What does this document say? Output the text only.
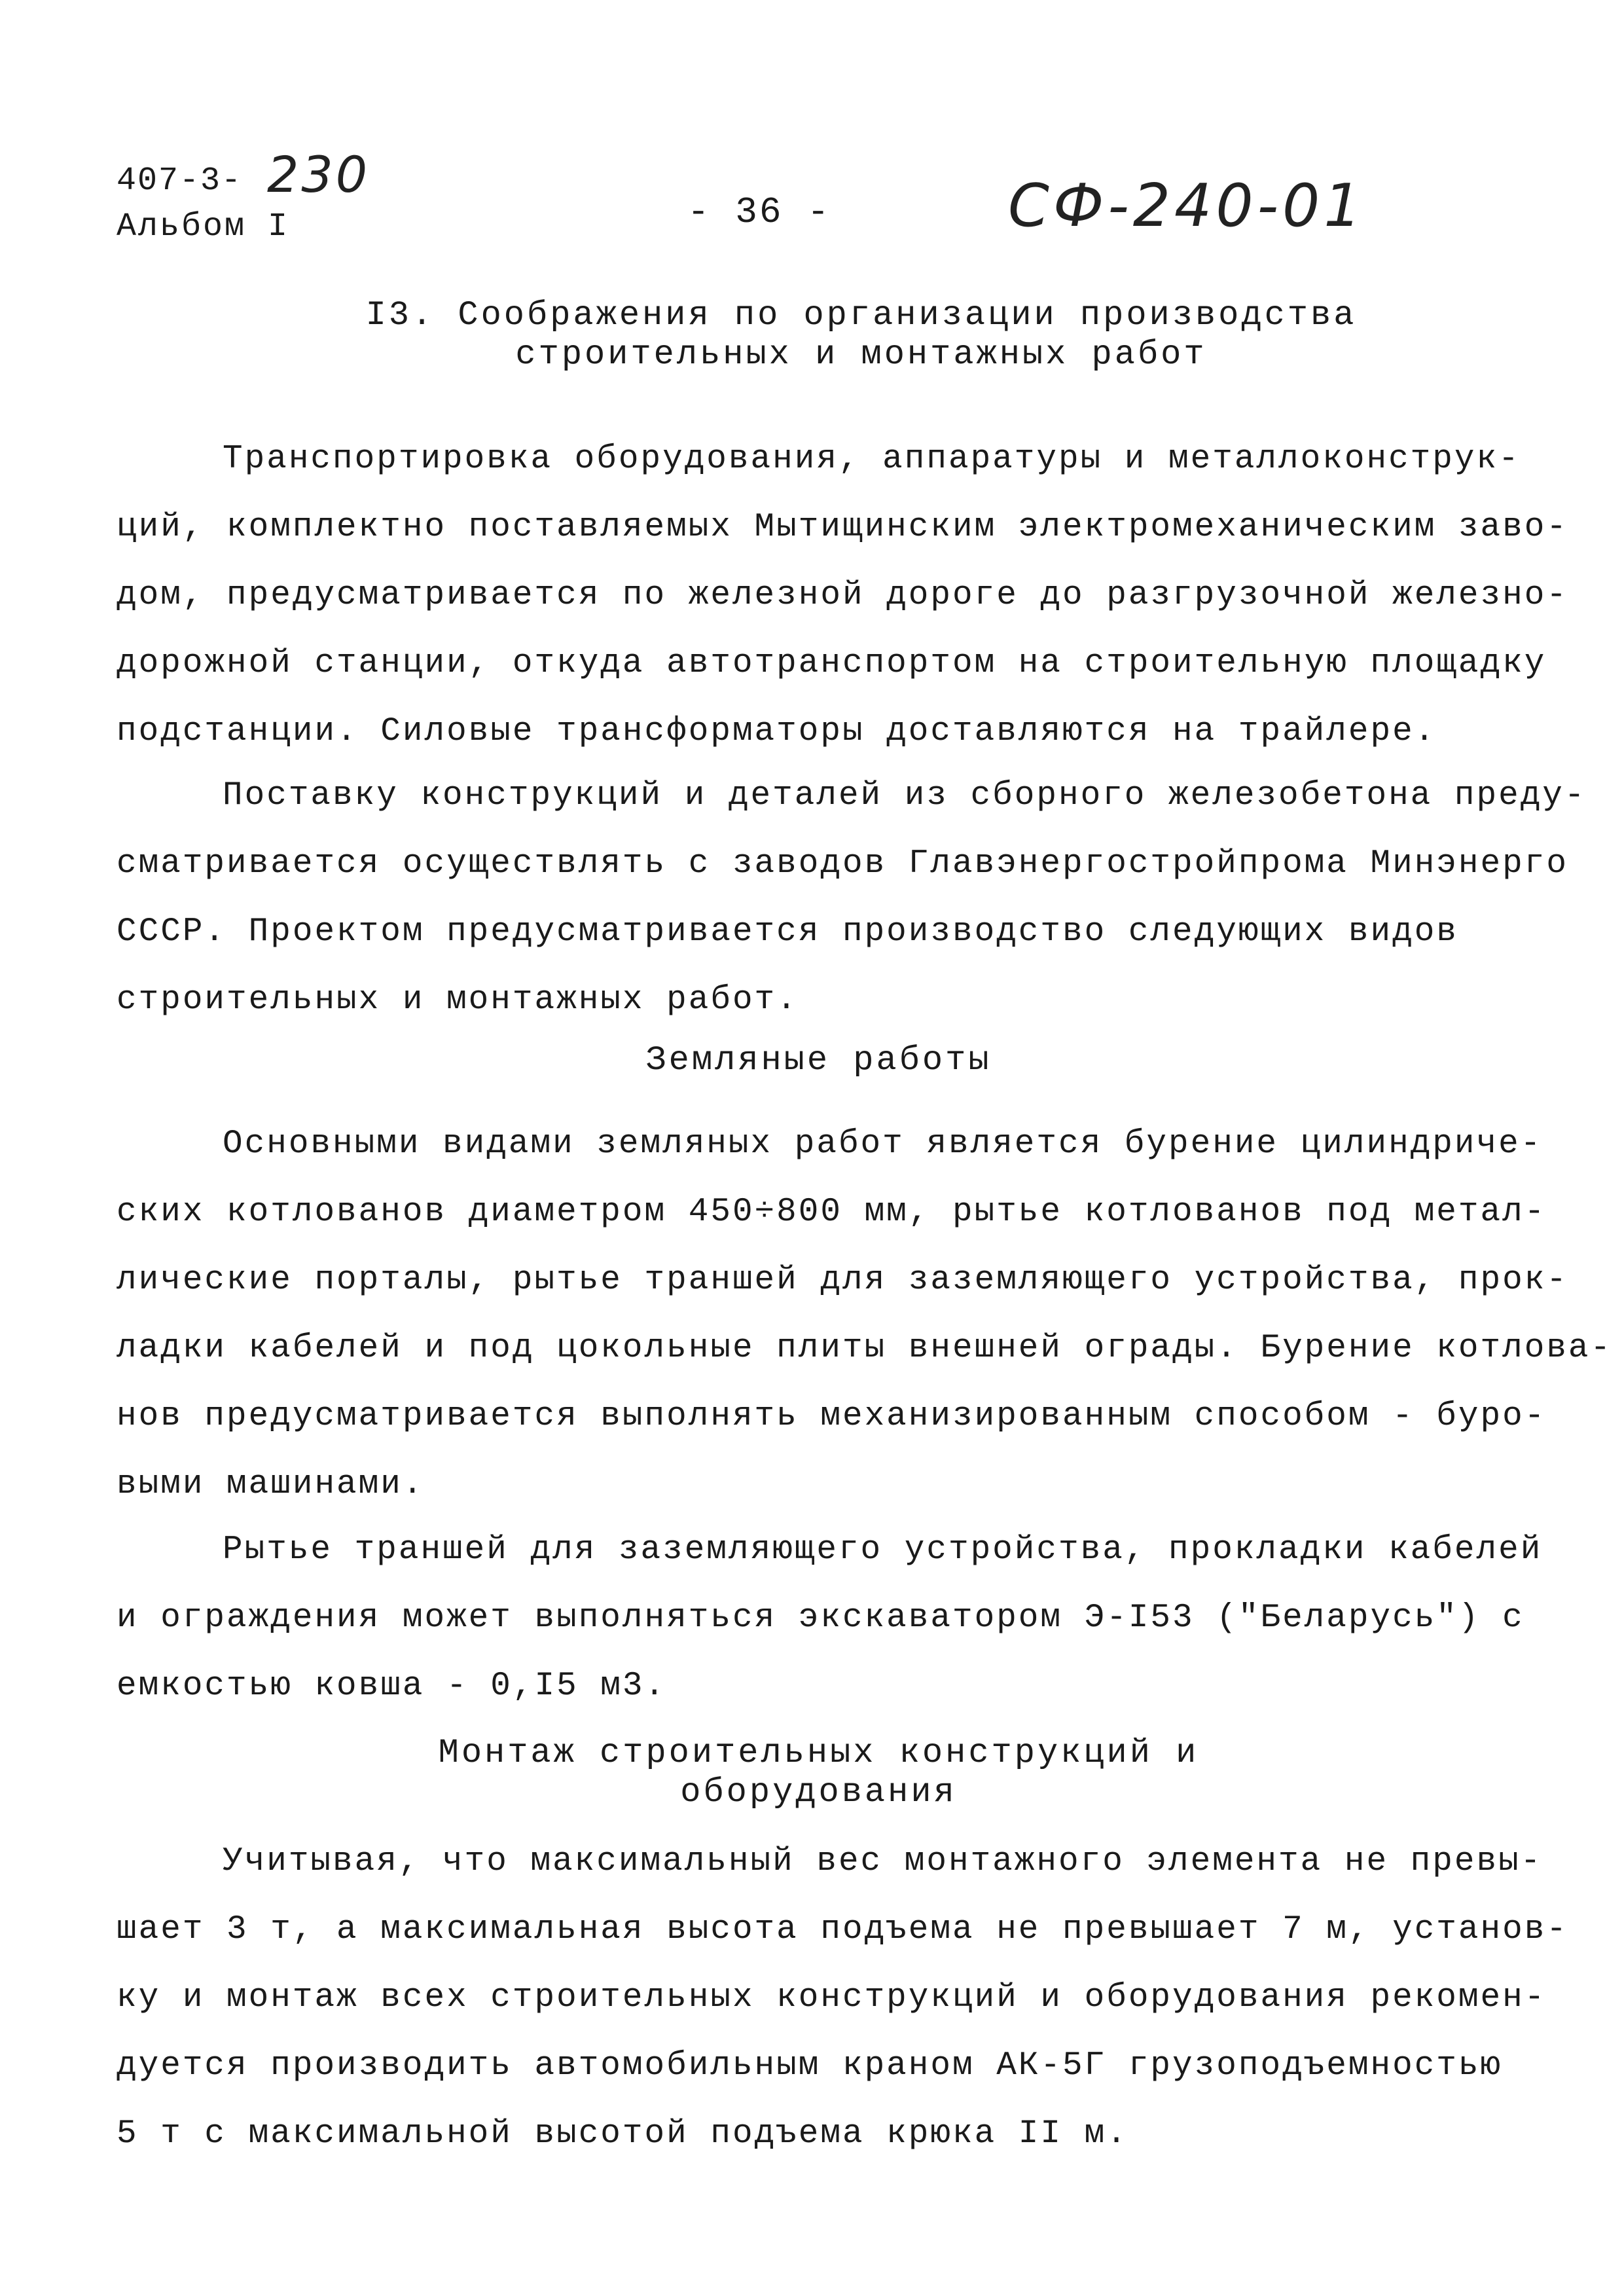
407-3- 230
Альбом I	- 36 -	СФ-240-01
I3. Соображения по организации производства
строительных и монтажных работ
Транспортировка оборудования, аппаратуры и металлоконструк-
ций, комплектно поставляемых Мытищинским электромеханическим заво-
дом, предусматривается по железной дороге до разгрузочной железно-
дорожной станции, откуда автотранспортом на строительную площадку
подстанции. Силовые трансформаторы доставляются на трайлере.
Поставку конструкций и деталей из сборного железобетона преду-
сматривается осуществлять с заводов Главэнергостройпрома Минэнерго
СССР. Проектом предусматривается производство следующих видов
строительных и монтажных работ.
Земляные работы
Основными видами земляных работ является бурение цилиндриче-
ских котлованов диаметром 450÷800 мм, рытье котлованов под метал-
лические порталы, рытье траншей для заземляющего устройства, прок-
ладки кабелей и под цокольные плиты внешней ограды. Бурение котлова-
нов предусматривается выполнять механизированным способом - буро-
выми машинами.
Рытье траншей для заземляющего устройства, прокладки кабелей
и ограждения может выполняться экскаватором Э-I53 ("Беларусь") с
емкостью ковша - 0,I5 м3.
Монтаж строительных конструкций и
оборудования
Учитывая, что максимальный вес монтажного элемента не превы-
шает 3 т, а максимальная высота подъема не превышает 7 м, установ-
ку и монтаж всех строительных конструкций и оборудования рекомен-
дуется производить автомобильным краном АК-5Г грузоподъемностью
5 т с максимальной высотой подъема крюка II м.
